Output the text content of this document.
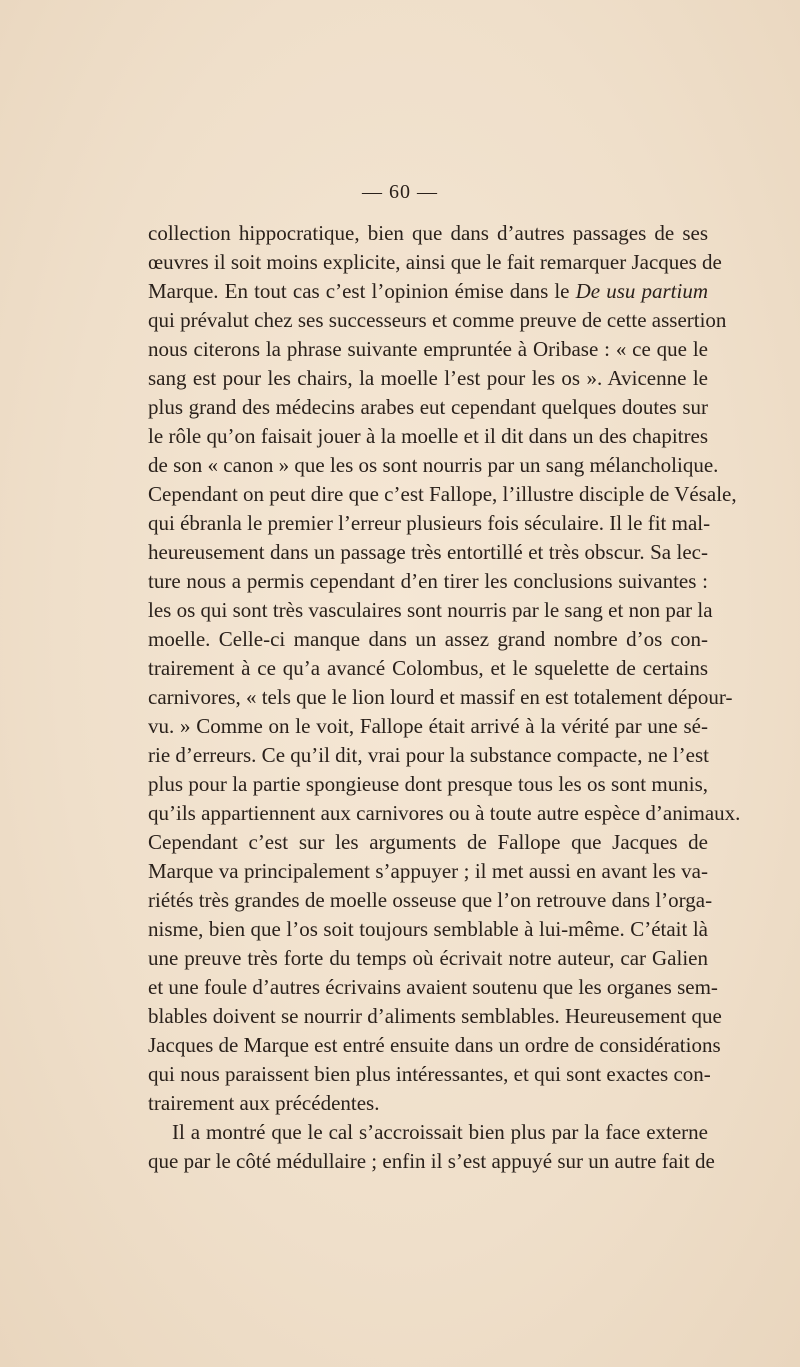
— 60 —
collection hippocratique, bien que dans d’autres passages de ses
œuvres il soit moins explicite, ainsi que le fait remarquer Jacques de
Marque. En tout cas c’est l’opinion émise dans le De usu partium
qui prévalut chez ses successeurs et comme preuve de cette assertion
nous citerons la phrase suivante empruntée à Oribase : « ce que le
sang est pour les chairs, la moelle l’est pour les os ». Avicenne le
plus grand des médecins arabes eut cependant quelques doutes sur
le rôle qu’on faisait jouer à la moelle et il dit dans un des chapitres
de son « canon » que les os sont nourris par un sang mélancholique.
Cependant on peut dire que c’est Fallope, l’illustre disciple de Vésale,
qui ébranla le premier l’erreur plusieurs fois séculaire. Il le fit mal-
heureusement dans un passage très entortillé et très obscur. Sa lec-
ture nous a permis cependant d’en tirer les conclusions suivantes :
les os qui sont très vasculaires sont nourris par le sang et non par la
moelle. Celle-ci manque dans un assez grand nombre d’os con-
trairement à ce qu’a avancé Colombus, et le squelette de certains
carnivores, « tels que le lion lourd et massif en est totalement dépour-
vu. » Comme on le voit, Fallope était arrivé à la vérité par une sé-
rie d’erreurs. Ce qu’il dit, vrai pour la substance compacte, ne l’est
plus pour la partie spongieuse dont presque tous les os sont munis,
qu’ils appartiennent aux carnivores ou à toute autre espèce d’animaux.
Cependant c’est sur les arguments de Fallope que Jacques de
Marque va principalement s’appuyer ; il met aussi en avant les va-
riétés très grandes de moelle osseuse que l’on retrouve dans l’orga-
nisme, bien que l’os soit toujours semblable à lui-même. C’était là
une preuve très forte du temps où écrivait notre auteur, car Galien
et une foule d’autres écrivains avaient soutenu que les organes sem-
blables doivent se nourrir d’aliments semblables. Heureusement que
Jacques de Marque est entré ensuite dans un ordre de considérations
qui nous paraissent bien plus intéressantes, et qui sont exactes con-
trairement aux précédentes.
Il a montré que le cal s’accroissait bien plus par la face externe
que par le côté médullaire ; enfin il s’est appuyé sur un autre fait de
